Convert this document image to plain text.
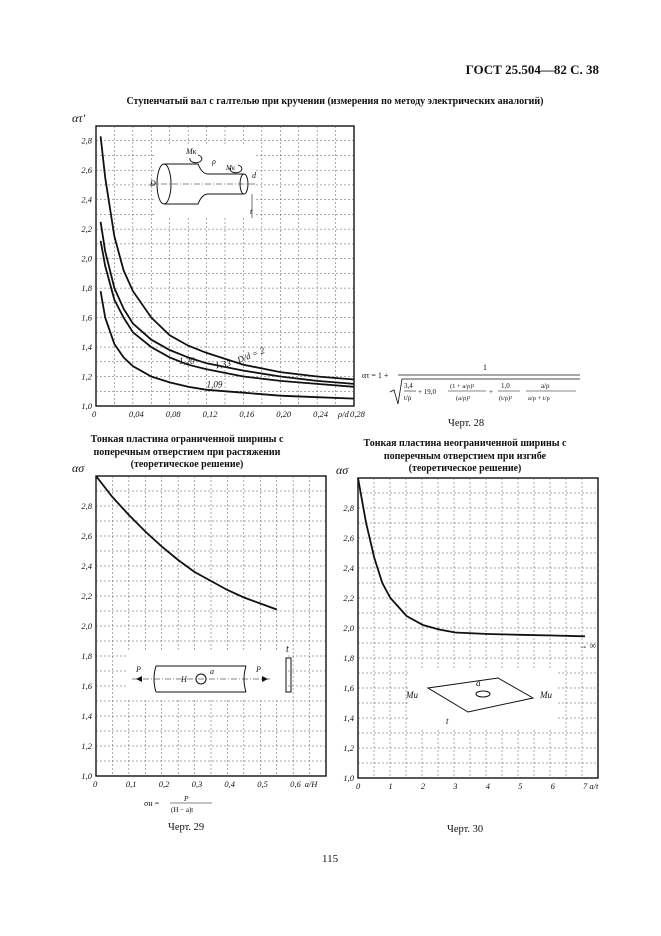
ГОСТ 25.504—82 С. 38
Ступенчатый вал с галтелью при кручении (измерения по методу электрических аналогий)
1,0
1,2
1,4
1,6
1,8
2,0
2,2
2,4
2,6
2,8
0	0,04	0,08	0,12	0,16	0,20	0,24	0,28
ατ'
ρ/d
D/d = 2
1,33
1,20
1,09
Mк
ρ
Mк
d
D
t
ατ = 1 +
1
3,4
t/ρ
+ 19,0
(1 + a/ρ)²
(a/ρ)³
+
1,0
(t/ρ)²
a/ρ
a/ρ + t/ρ
Черт. 28
Тонкая пластина ограниченной ширины с поперечным отверстием при растяжении (теоретическое решение)
1,0
1,2
1,4
1,6
1,8
2,0
2,2
2,4
2,6
2,8
0	0,1	0,2	0,3	0,4	0,5	0,6 a/H
ασ
P
H
a	P
t
σн =
P
(H − a)t
Черт. 29
Тонкая пластина неограниченной ширины с поперечным отверстием при изгибе (теоретическое решение)
1,0
1,2
1,4
1,6
1,8
2,0
2,2
2,4
2,6
2,8
0	1	2	3	4	5	6	7 a/t
ασ
→ ∞
Mи
a
Mи
t
Черт. 30
115
